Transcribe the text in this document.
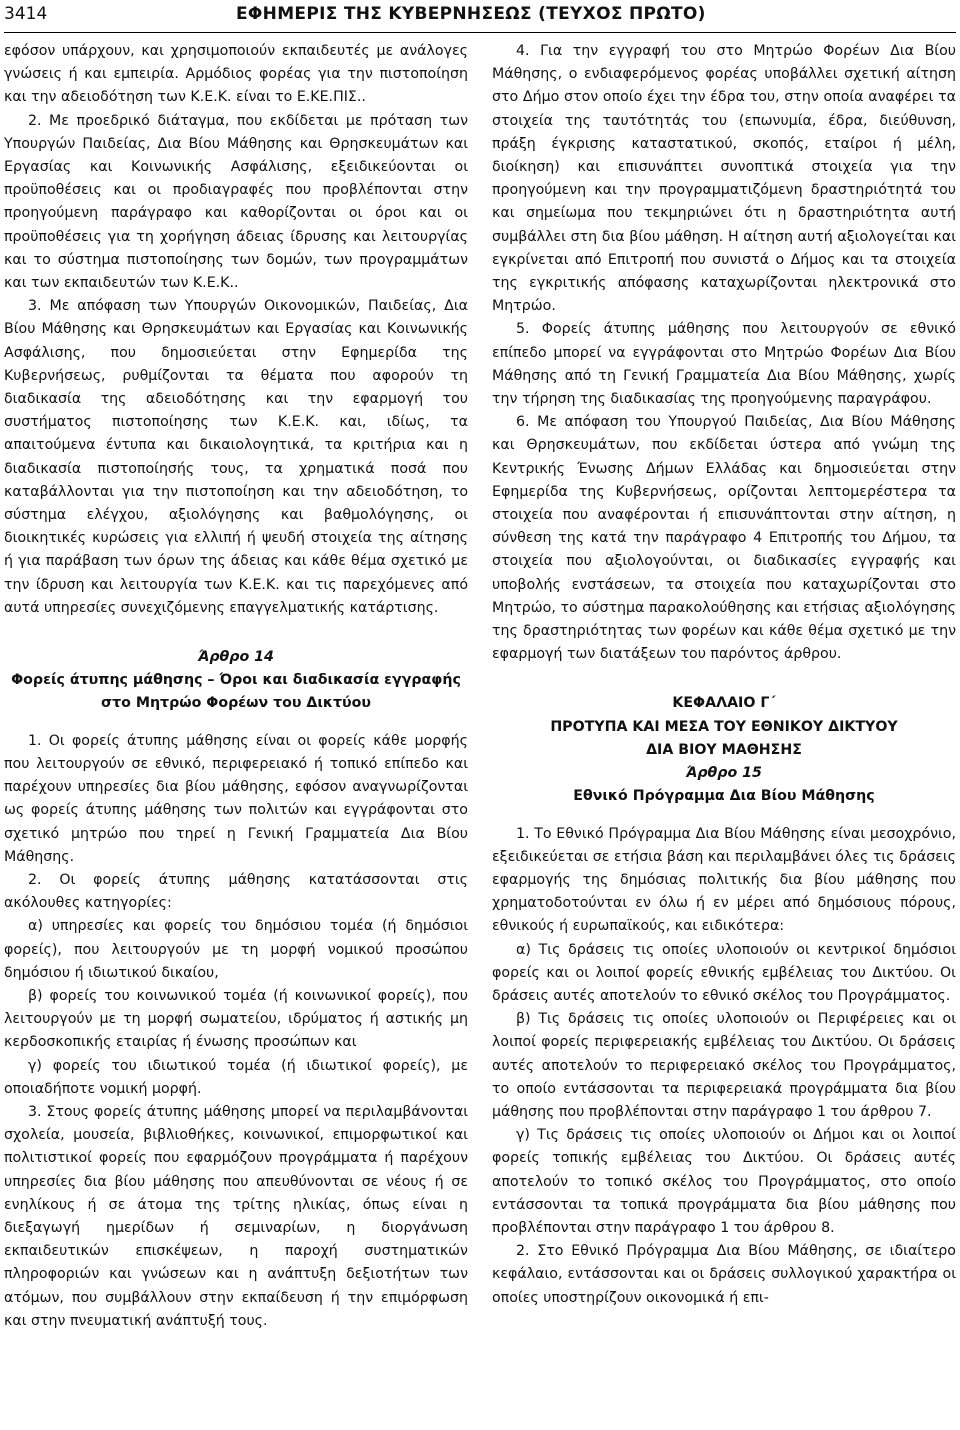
3414	ΕΦΗΜΕΡΙΣ ΤΗΣ ΚΥΒΕΡΝΗΣΕΩΣ (ΤΕΥΧΟΣ ΠΡΩΤΟ)

εφόσον υπάρχουν, και χρησιμοποιούν εκπαιδευτές με ανάλογες γνώσεις ή και εμπειρία. Αρμόδιος φορέας για την πιστοποίηση και την αδειοδότηση των Κ.Ε.Κ. είναι το Ε.ΚΕ.ΠΙΣ..

2. Με προεδρικό διάταγμα, που εκδίδεται με πρόταση των Υπουργών Παιδείας, Δια Βίου Μάθησης και Θρησκευμάτων και Εργασίας και Κοινωνικής Ασφάλισης, εξειδικεύονται οι προϋποθέσεις και οι προδιαγραφές που προβλέπονται στην προηγούμενη παράγραφο και καθορίζονται οι όροι και οι προϋποθέσεις για τη χορήγηση άδειας ίδρυσης και λειτουργίας και το σύστημα πιστοποίησης των δομών, των προγραμμάτων και των εκπαιδευτών των Κ.Ε.Κ..

3. Με απόφαση των Υπουργών Οικονομικών, Παιδείας, Δια Βίου Μάθησης και Θρησκευμάτων και Εργασίας και Κοινωνικής Ασφάλισης, που δημοσιεύεται στην Εφημερίδα της Κυβερνήσεως, ρυθμίζονται τα θέματα που αφορούν τη διαδικασία της αδειοδότησης και την εφαρμογή του συστήματος πιστοποίησης των Κ.Ε.Κ. και, ιδίως, τα απαιτούμενα έντυπα και δικαιολογητικά, τα κριτήρια και η διαδικασία πιστοποίησής τους, τα χρηματικά ποσά που καταβάλλονται για την πιστοποίηση και την αδειοδότηση, το σύστημα ελέγχου, αξιολόγησης και βαθμολόγησης, οι διοικητικές κυρώσεις για ελλιπή ή ψευδή στοιχεία της αίτησης ή για παράβαση των όρων της άδειας και κάθε θέμα σχετικό με την ίδρυση και λειτουργία των Κ.Ε.Κ. και τις παρεχόμενες από αυτά υπηρεσίες συνεχιζόμενης επαγγελματικής κατάρτισης.

Άρθρο 14

Φορείς άτυπης μάθησης – Όροι και διαδικασία εγγραφής στο Μητρώο Φορέων του Δικτύου

1. Οι φορείς άτυπης μάθησης είναι οι φορείς κάθε μορφής που λειτουργούν σε εθνικό, περιφερειακό ή τοπικό επίπεδο και παρέχουν υπηρεσίες δια βίου μάθησης, εφόσον αναγνωρίζονται ως φορείς άτυπης μάθησης των πολιτών και εγγράφονται στο σχετικό μητρώο που τηρεί η Γενική Γραμματεία Δια Βίου Μάθησης.

2. Οι φορείς άτυπης μάθησης κατατάσσονται στις ακόλουθες κατηγορίες:

α) υπηρεσίες και φορείς του δημόσιου τομέα (ή δημόσιοι φορείς), που λειτουργούν με τη μορφή νομικού προσώπου δημόσιου ή ιδιωτικού δικαίου,

β) φορείς του κοινωνικού τομέα (ή κοινωνικοί φορείς), που λειτουργούν με τη μορφή σωματείου, ιδρύματος ή αστικής μη κερδοσκοπικής εταιρίας ή ένωσης προσώπων και

γ) φορείς του ιδιωτικού τομέα (ή ιδιωτικοί φορείς), με οποιαδήποτε νομική μορφή.

3. Στους φορείς άτυπης μάθησης μπορεί να περιλαμβάνονται σχολεία, μουσεία, βιβλιοθήκες, κοινωνικοί, επιμορφωτικοί και πολιτιστικοί φορείς που εφαρμόζουν προγράμματα ή παρέχουν υπηρεσίες δια βίου μάθησης που απευθύνονται σε νέους ή σε ενηλίκους ή σε άτομα της τρίτης ηλικίας, όπως είναι η διεξαγωγή ημερίδων ή σεμιναρίων, η διοργάνωση εκπαιδευτικών επισκέψεων, η παροχή συστηματικών πληροφοριών και γνώσεων και η ανάπτυξη δεξιοτήτων των ατόμων, που συμβάλλουν στην εκπαίδευση ή την επιμόρφωση και στην πνευματική ανάπτυξή τους.

4. Για την εγγραφή του στο Μητρώο Φορέων Δια Βίου Μάθησης, ο ενδιαφερόμενος φορέας υποβάλλει σχετική αίτηση στο Δήμο στον οποίο έχει την έδρα του, στην οποία αναφέρει τα στοιχεία της ταυτότητάς του (επωνυμία, έδρα, διεύθυνση, πράξη έγκρισης καταστατικού, σκοπός, εταίροι ή μέλη, διοίκηση) και επισυνάπτει συνοπτικά στοιχεία για την προηγούμενη και την προγραμματιζόμενη δραστηριότητά του και σημείωμα που τεκμηριώνει ότι η δραστηριότητα αυτή συμβάλλει στη δια βίου μάθηση. Η αίτηση αυτή αξιολογείται και εγκρίνεται από Επιτροπή που συνιστά ο Δήμος και τα στοιχεία της εγκριτικής απόφασης καταχωρίζονται ηλεκτρονικά στο Μητρώο.

5. Φορείς άτυπης μάθησης που λειτουργούν σε εθνικό επίπεδο μπορεί να εγγράφονται στο Μητρώο Φορέων Δια Βίου Μάθησης από τη Γενική Γραμματεία Δια Βίου Μάθησης, χωρίς την τήρηση της διαδικασίας της προηγούμενης παραγράφου.

6. Με απόφαση του Υπουργού Παιδείας, Δια Βίου Μάθησης και Θρησκευμάτων, που εκδίδεται ύστερα από γνώμη της Κεντρικής Ένωσης Δήμων Ελλάδας και δημοσιεύεται στην Εφημερίδα της Κυβερνήσεως, ορίζονται λεπτομερέστερα τα στοιχεία που αναφέρονται ή επισυνάπτονται στην αίτηση, η σύνθεση της κατά την παράγραφο 4 Επιτροπής του Δήμου, τα στοιχεία που αξιολογούνται, οι διαδικασίες εγγραφής και υποβολής ενστάσεων, τα στοιχεία που καταχωρίζονται στο Μητρώο, το σύστημα παρακολούθησης και ετήσιας αξιολόγησης της δραστηριότητας των φορέων και κάθε θέμα σχετικό με την εφαρμογή των διατάξεων του παρόντος άρθρου.

ΚΕΦΑΛΑΙΟ Γ΄

ΠΡΟΤΥΠΑ ΚΑΙ ΜΕΣΑ ΤΟΥ ΕΘΝΙΚΟΥ ΔΙΚΤΥΟΥ

ΔΙΑ ΒΙΟΥ ΜΑΘΗΣΗΣ

Άρθρο 15

Εθνικό Πρόγραμμα Δια Βίου Μάθησης

1. Το Εθνικό Πρόγραμμα Δια Βίου Μάθησης είναι μεσοχρόνιο, εξειδικεύεται σε ετήσια βάση και περιλαμβάνει όλες τις δράσεις εφαρμογής της δημόσιας πολιτικής δια βίου μάθησης που χρηματοδοτούνται εν όλω ή εν μέρει από δημόσιους πόρους, εθνικούς ή ευρωπαϊκούς, και ειδικότερα:

α) Τις δράσεις τις οποίες υλοποιούν οι κεντρικοί δημόσιοι φορείς και οι λοιποί φορείς εθνικής εμβέλειας του Δικτύου. Οι δράσεις αυτές αποτελούν το εθνικό σκέλος του Προγράμματος.

β) Τις δράσεις τις οποίες υλοποιούν οι Περιφέρειες και οι λοιποί φορείς περιφερειακής εμβέλειας του Δικτύου. Οι δράσεις αυτές αποτελούν το περιφερειακό σκέλος του Προγράμματος, το οποίο εντάσσονται τα περιφερειακά προγράμματα δια βίου μάθησης που προβλέπονται στην παράγραφο 1 του άρθρου 7.

γ) Τις δράσεις τις οποίες υλοποιούν οι Δήμοι και οι λοιποί φορείς τοπικής εμβέλειας του Δικτύου. Οι δράσεις αυτές αποτελούν το τοπικό σκέλος του Προγράμματος, στο οποίο εντάσσονται τα τοπικά προγράμματα δια βίου μάθησης που προβλέπονται στην παράγραφο 1 του άρθρου 8.

2. Στο Εθνικό Πρόγραμμα Δια Βίου Μάθησης, σε ιδιαίτερο κεφάλαιο, εντάσσονται και οι δράσεις συλλογικού χαρακτήρα οι οποίες υποστηρίζουν οικονομικά ή επι-
